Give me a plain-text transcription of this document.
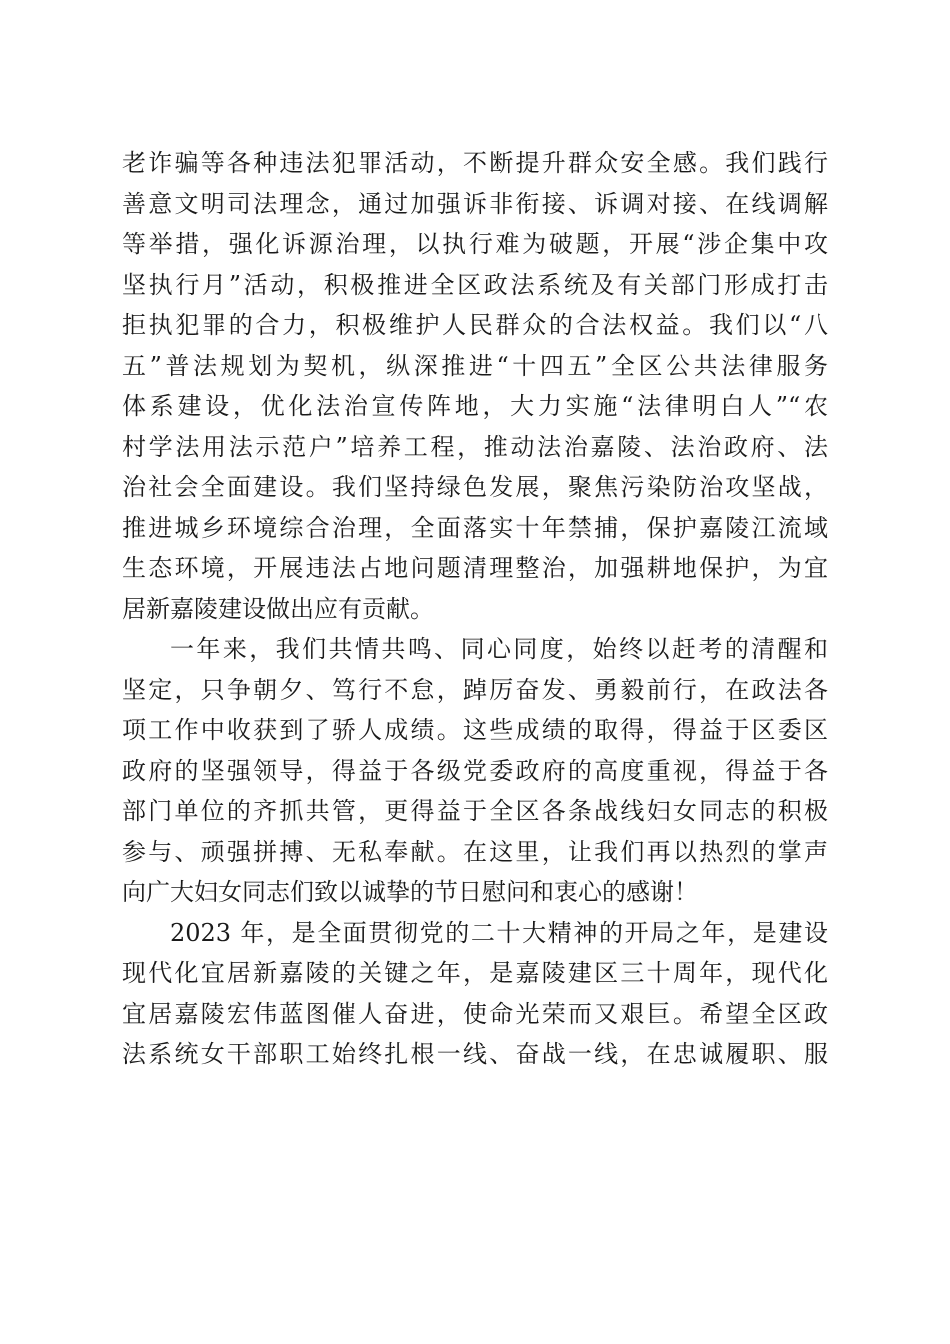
老诈骗等各种违法犯罪活动，不断提升群众安全感。我们践行
善意文明司法理念，通过加强诉非衔接、诉调对接、在线调解
等举措，强化诉源治理，以执行难为破题，开展“涉企集中攻
坚执行月”活动，积极推进全区政法系统及有关部门形成打击
拒执犯罪的合力，积极维护人民群众的合法权益。我们以“八
五”普法规划为契机，纵深推进“十四五”全区公共法律服务
体系建设，优化法治宣传阵地，大力实施“法律明白人”“农
村学法用法示范户”培养工程，推动法治嘉陵、法治政府、法
治社会全面建设。我们坚持绿色发展，聚焦污染防治攻坚战，
推进城乡环境综合治理，全面落实十年禁捕，保护嘉陵江流域
生态环境，开展违法占地问题清理整治，加强耕地保护，为宜
居新嘉陵建设做出应有贡献。
一年来，我们共情共鸣、同心同度，始终以赶考的清醒和
坚定，只争朝夕、笃行不怠，踔厉奋发、勇毅前行，在政法各
项工作中收获到了骄人成绩。这些成绩的取得，得益于区委区
政府的坚强领导，得益于各级党委政府的高度重视，得益于各
部门单位的齐抓共管，更得益于全区各条战线妇女同志的积极
参与、顽强拼搏、无私奉献。在这里，让我们再以热烈的掌声
向广大妇女同志们致以诚挚的节日慰问和衷心的感谢！
2023 年，是全面贯彻党的二十大精神的开局之年，是建设
现代化宜居新嘉陵的关键之年，是嘉陵建区三十周年，现代化
宜居嘉陵宏伟蓝图催人奋进，使命光荣而又艰巨。希望全区政
法系统女干部职工始终扎根一线、奋战一线，在忠诚履职、服
